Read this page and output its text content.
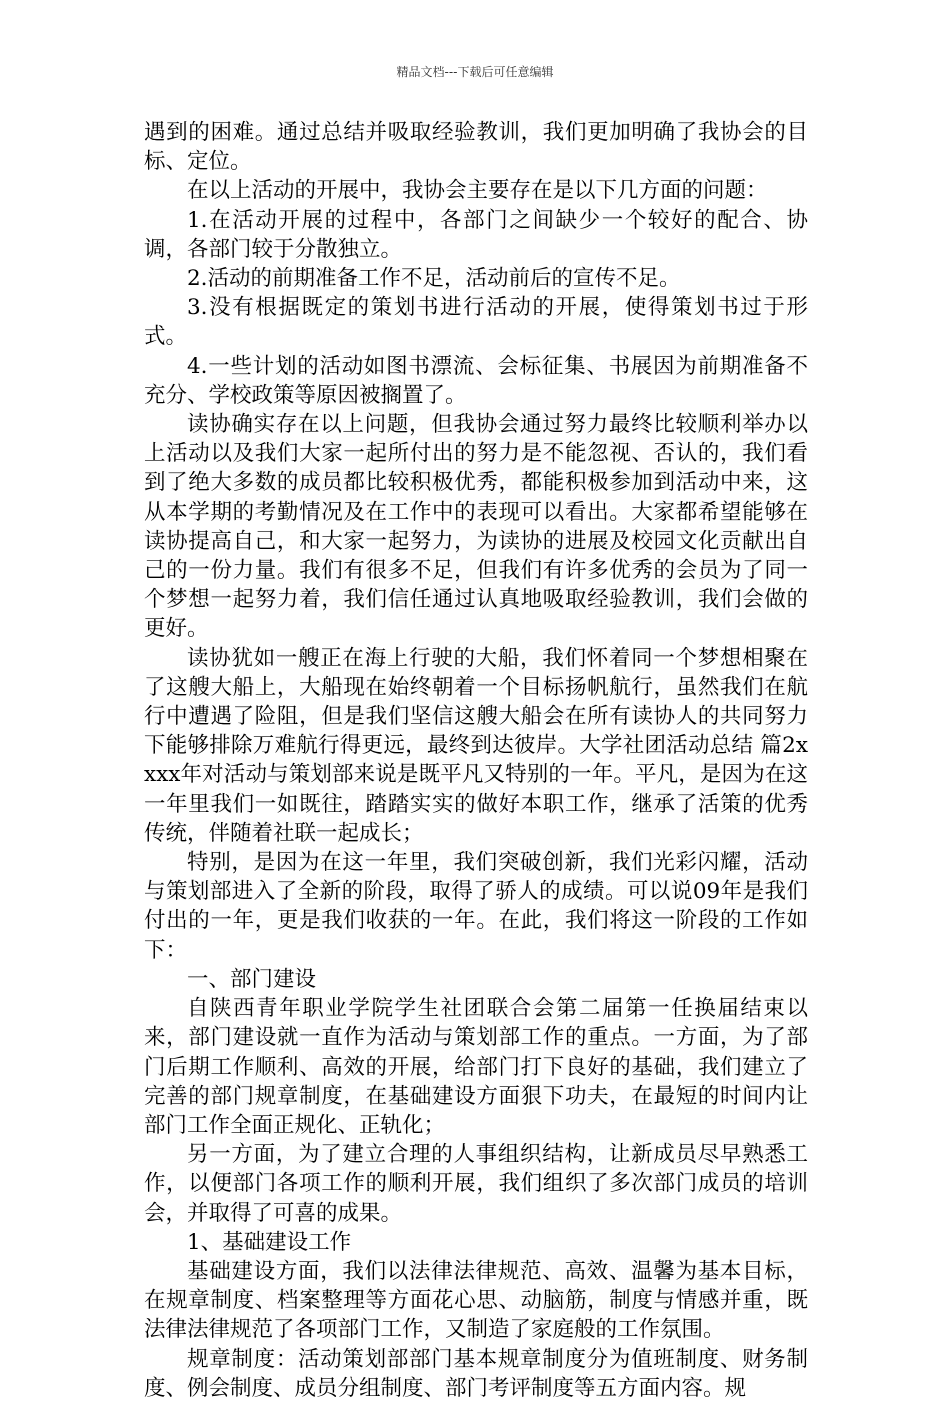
精品文档---下载后可任意编辑

遇到的困难。通过总结并吸取经验教训，我们更加明确了我协会的目标、定位。

在以上活动的开展中，我协会主要存在是以下几方面的问题：

1.在活动开展的过程中，各部门之间缺少一个较好的配合、协调，各部门较于分散独立。

2.活动的前期准备工作不足，活动前后的宣传不足。

3.没有根据既定的策划书进行活动的开展，使得策划书过于形式。

4.一些计划的活动如图书漂流、会标征集、书展因为前期准备不充分、学校政策等原因被搁置了。

读协确实存在以上问题，但我协会通过努力最终比较顺利举办以上活动以及我们大家一起所付出的努力是不能忽视、否认的，我们看到了绝大多数的成员都比较积极优秀，都能积极参加到活动中来，这从本学期的考勤情况及在工作中的表现可以看出。大家都希望能够在读协提高自己，和大家一起努力，为读协的进展及校园文化贡献出自己的一份力量。我们有很多不足，但我们有许多优秀的会员为了同一个梦想一起努力着，我们信任通过认真地吸取经验教训，我们会做的更好。

读协犹如一艘正在海上行驶的大船，我们怀着同一个梦想相聚在了这艘大船上，大船现在始终朝着一个目标扬帆航行，虽然我们在航行中遭遇了险阻，但是我们坚信这艘大船会在所有读协人的共同努力下能够排除万难航行得更远，最终到达彼岸。大学社团活动总结 篇2xxxx年对活动与策划部来说是既平凡又特别的一年。平凡，是因为在这一年里我们一如既往，踏踏实实的做好本职工作，继承了活策的优秀传统，伴随着社联一起成长；

特别，是因为在这一年里，我们突破创新，我们光彩闪耀，活动与策划部进入了全新的阶段，取得了骄人的成绩。可以说09年是我们付出的一年，更是我们收获的一年。在此，我们将这一阶段的工作如下：

一、部门建设

自陕西青年职业学院学生社团联合会第二届第一任换届结束以来，部门建设就一直作为活动与策划部工作的重点。一方面，为了部门后期工作顺利、高效的开展，给部门打下良好的基础，我们建立了完善的部门规章制度，在基础建设方面狠下功夫，在最短的时间内让部门工作全面正规化、正轨化；

另一方面，为了建立合理的人事组织结构，让新成员尽早熟悉工作，以便部门各项工作的顺利开展，我们组织了多次部门成员的培训会，并取得了可喜的成果。

1、基础建设工作

基础建设方面，我们以法律法律规范、高效、温馨为基本目标，在规章制度、档案整理等方面花心思、动脑筋，制度与情感并重，既法律法律规范了各项部门工作，又制造了家庭般的工作氛围。

规章制度：活动策划部部门基本规章制度分为值班制度、财务制度、例会制度、成员分组制度、部门考评制度等五方面内容。规
